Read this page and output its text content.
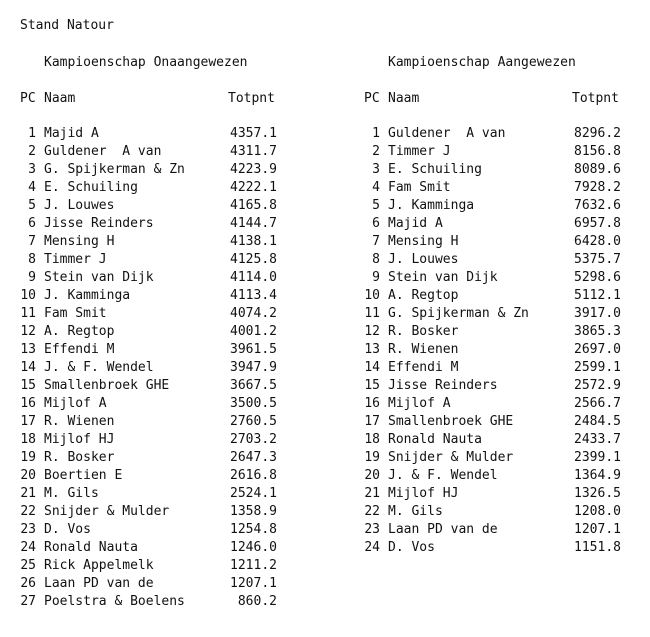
Stand Natour
Kampioenschap Onaangewezen
PC Naam	Totpnt
1 Majid A	4357.1
2 Guldener  A van	4311.7
3 G. Spijkerman & Zn	4223.9
4 E. Schuiling	4222.1
5 J. Louwes	4165.8
6 Jisse Reinders	4144.7
7 Mensing H	4138.1
8 Timmer J	4125.8
9 Stein van Dijk	4114.0
10 J. Kamminga	4113.4
11 Fam Smit	4074.2
12 A. Regtop	4001.2
13 Effendi M	3961.5
14 J. & F. Wendel	3947.9
15 Smallenbroek GHE	3667.5
16 Mijlof A	3500.5
17 R. Wienen	2760.5
18 Mijlof HJ	2703.2
19 R. Bosker	2647.3
20 Boertien E	2616.8
21 M. Gils	2524.1
22 Snijder & Mulder	1358.9
23 D. Vos	1254.8
24 Ronald Nauta	1246.0
25 Rick Appelmelk	1211.2
26 Laan PD van de	1207.1
27 Poelstra & Boelens	860.2
Kampioenschap Aangewezen
PC Naam	Totpnt
1 Guldener  A van	8296.2
2 Timmer J	8156.8
3 E. Schuiling	8089.6
4 Fam Smit	7928.2
5 J. Kamminga	7632.6
6 Majid A	6957.8
7 Mensing H	6428.0
8 J. Louwes	5375.7
9 Stein van Dijk	5298.6
10 A. Regtop	5112.1
11 G. Spijkerman & Zn	3917.0
12 R. Bosker	3865.3
13 R. Wienen	2697.0
14 Effendi M	2599.1
15 Jisse Reinders	2572.9
16 Mijlof A	2566.7
17 Smallenbroek GHE	2484.5
18 Ronald Nauta	2433.7
19 Snijder & Mulder	2399.1
20 J. & F. Wendel	1364.9
21 Mijlof HJ	1326.5
22 M. Gils	1208.0
23 Laan PD van de	1207.1
24 D. Vos	1151.8
